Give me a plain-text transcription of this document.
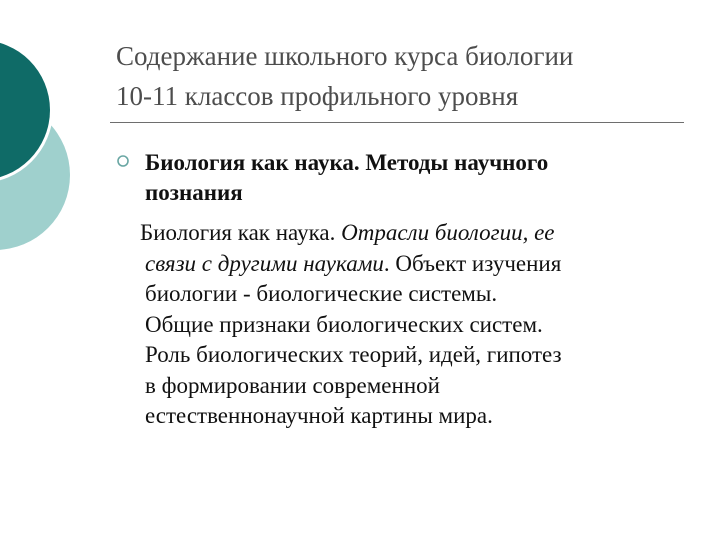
Содержание школьного курса биологии
10-11 классов профильного уровня
Биология как наука. Методы научного
познания
Биология как наука. Отрасли биологии, ее
связи с другими науками. Объект изучения
биологии - биологические системы.
Общие признаки биологических систем.
Роль биологических теорий, идей, гипотез
в формировании современной
естественнонаучной картины мира.
